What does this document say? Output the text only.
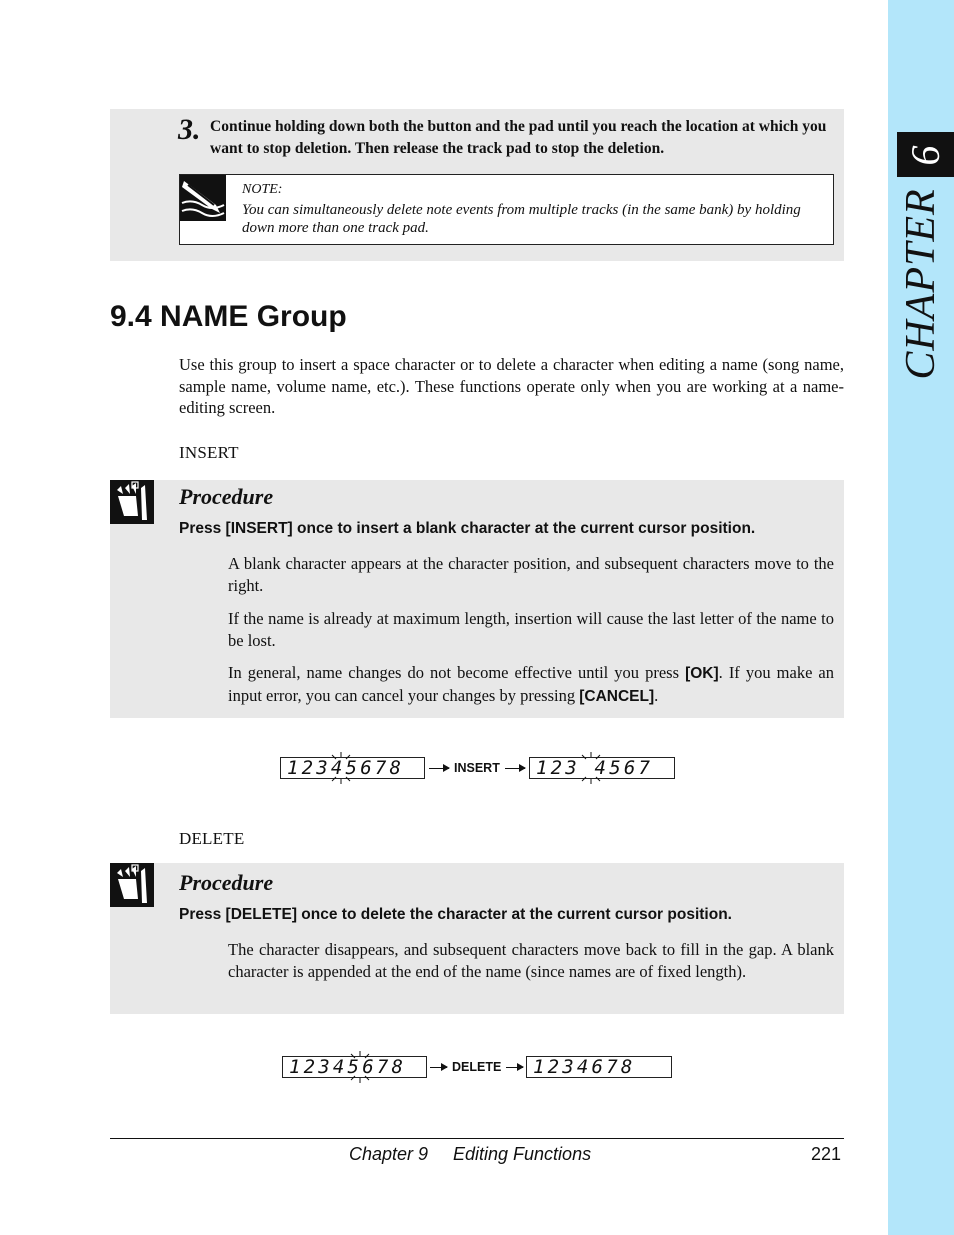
9
CHAPTER
3. Continue holding down both the button and the pad until you reach the location at which you want to stop deletion. Then release the track pad to stop the deletion.
NOTE:
You can simultaneously delete note events from multiple tracks (in the same bank) by holding down more than one track pad.
9.4 NAME Group
Use this group to insert a space character or to delete a character when editing a name (song name, sample name, volume name, etc.). These functions operate only when you are working at a name-editing screen.
INSERT
Procedure
Press [INSERT] once to insert a blank character at the current cursor position.
A blank character appears at the character position, and subsequent characters move to the right.
If the name is already at maximum length, insertion will cause the last letter of the name to be lost.
In general, name changes do not become effective until you press [OK]. If you make an input error, you can cancel your changes by pressing [CANCEL].
12345678	INSERT	123 4567
DELETE
Procedure
Press [DELETE] once to delete the character at the current cursor position.
The character disappears, and subsequent characters move back to fill in the gap. A blank character is appended at the end of the name (since names are of fixed length).
12345678	DELETE	1234678
Chapter 9 Editing Functions	221
